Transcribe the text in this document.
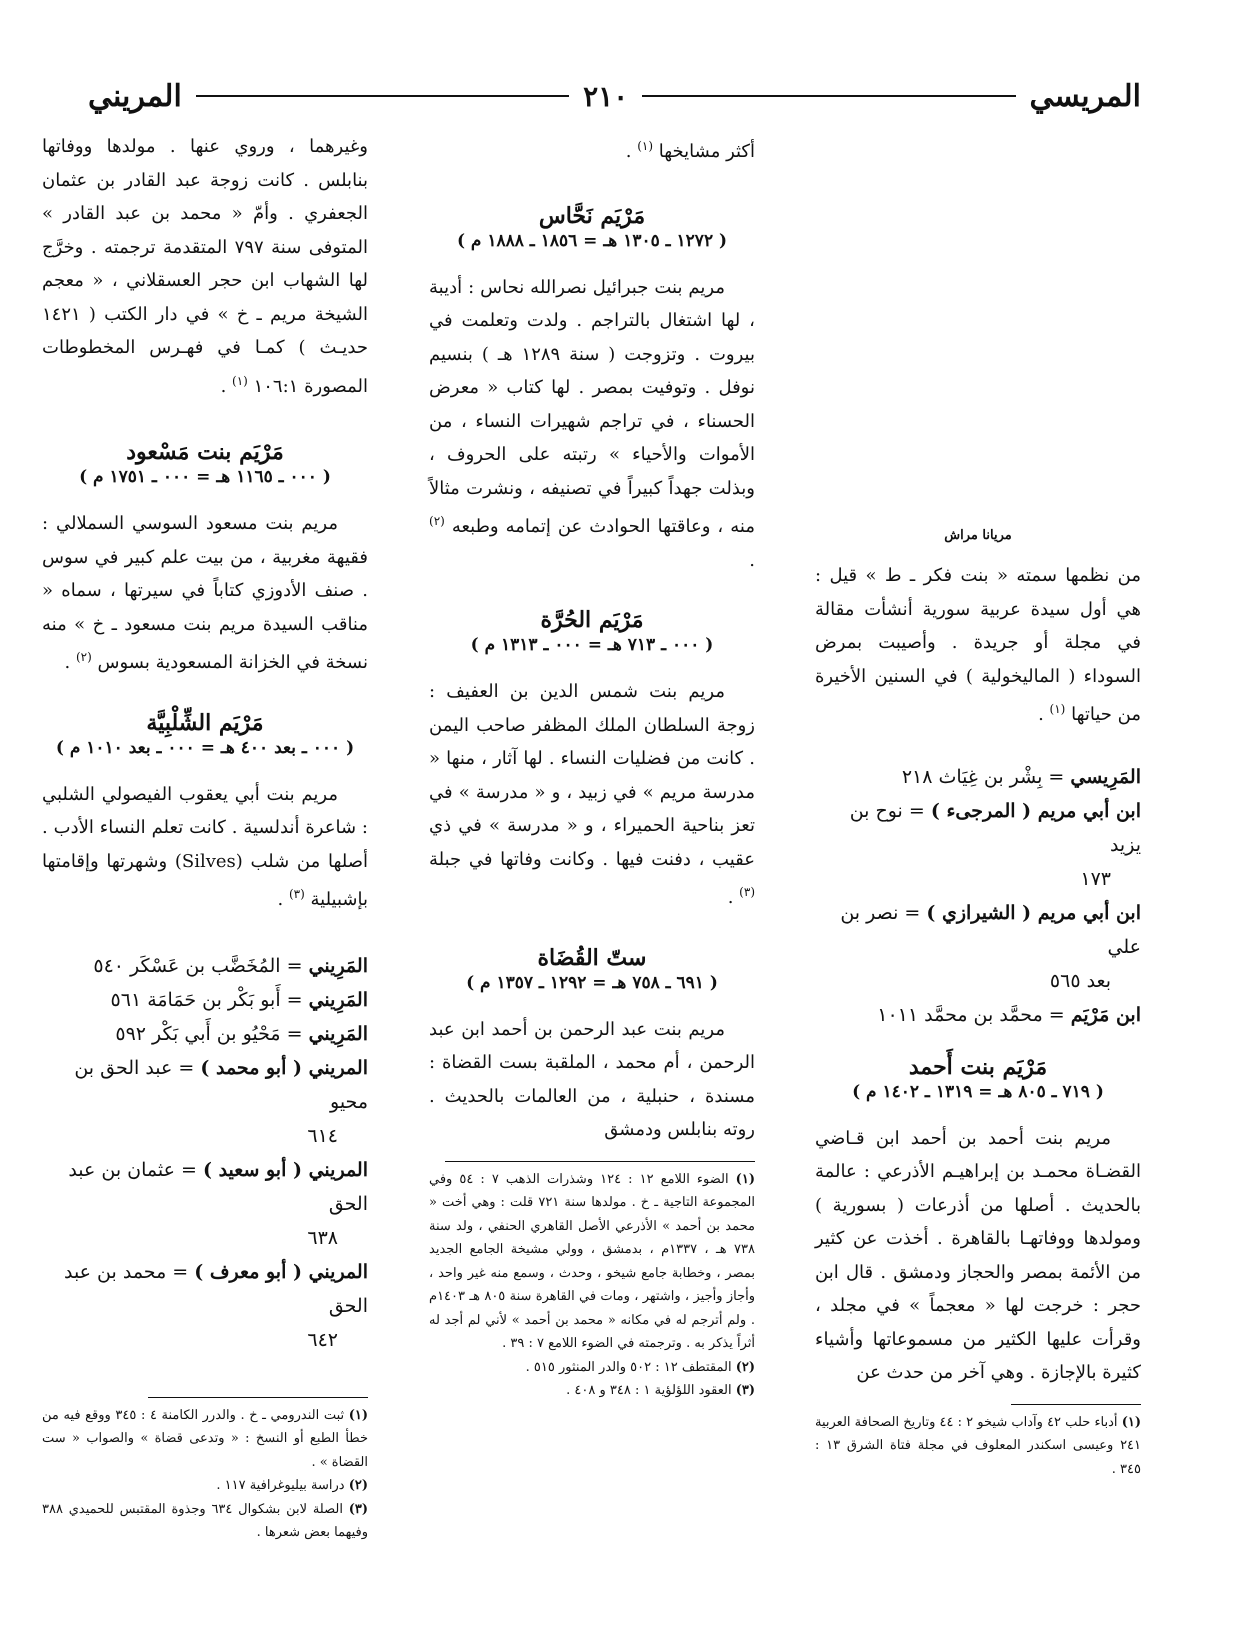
المريسي
٢١٠
المريني
مريانا مراش

من نظمها سمته « بنت فكر ـ ط » قيل : هي أول سيدة عربية سورية أنشأت مقالة في مجلة أو جريدة . وأصيبت بمرض السوداء ( الماليخولية ) في السنين الأخيرة من حياتها $^{(١)}$ .

المَرِيسي = بِشْر بن غِيَاث ٢١٨

ابن أبي مريم ( المرجىء ) = نوح بن يزيد

١٧٣

ابن أبي مريم ( الشيرازي ) = نصر بن علي

بعد ٥٦٥

ابن مَرْيَم = محمَّد بن محمَّد ١٠١١

مَرْيَم بنت أَحمد
( ٧١٩ ـ ٨٠٥ هـ = ١٣١٩ ـ ١٤٠٢ م )

مريم بنت أحمد بن أحمد ابن قـاضي القضـاة محمـد بن إبراهيـم الأذرعي : عالمة بالحديث . أصلها من أذرعات ( بسورية ) ومولدها ووفاتهـا بالقاهرة . أخذت عن كثير من الأئمة بمصر والحجاز ودمشق . قال ابن حجر : خرجت لها « معجماً » في مجلد ، وقرأت عليها الكثير من مسموعاتها وأشياء كثيرة بالإجازة . وهي آخر من حدث عن

(١) أدباء حلب ٤٢ وآداب شيخو ٢ : ٤٤ وتاريخ الصحافة العربية ٢٤١ وعيسى اسكندر المعلوف في مجلة فتاة الشرق ١٣ : ٣٤٥ .

أكثر مشايخها $^{(١)}$ .

مَرْيَم نَحَّاس
( ١٢٧٢ ـ ١٣٠٥ هـ = ١٨٥٦ ـ ١٨٨٨ م )

مريم بنت جبرائيل نصرالله نحاس : أديبة ، لها اشتغال بالتراجم . ولدت وتعلمت في بيروت . وتزوجت ( سنة ١٢٨٩ هـ ) بنسيم نوفل . وتوفيت بمصر . لها كتاب « معرض الحسناء ، في تراجم شهيرات النساء ، من الأموات والأحياء » رتبته على الحروف ، وبذلت جهداً كبيراً في تصنيفه ، ونشرت مثالاً منه ، وعاقتها الحوادث عن إتمامه وطبعه $^{(٢)}$ .

مَرْيَم الحُرَّة
( ٠٠٠ ـ ٧١٣ هـ = ٠٠٠ ـ ١٣١٣ م )

مريم بنت شمس الدين بن العفيف : زوجة السلطان الملك المظفر صاحب اليمن . كانت من فضليات النساء . لها آثار ، منها « مدرسة مريم » في زبيد ، و « مدرسة » في تعز بناحية الحميراء ، و « مدرسة » في ذي عقيب ، دفنت فيها . وكانت وفاتها في جبلة $^{(٣)}$ .

ستّ القُضَاة
( ٦٩١ ـ ٧٥٨ هـ = ١٢٩٢ ـ ١٣٥٧ م )

مريم بنت عبد الرحمن بن أحمد ابن عبد الرحمن ، أم محمد ، الملقبة بست القضاة : مسندة ، حنبلية ، من العالمات بالحديث . روته بنابلس ودمشق

(١) الضوء اللامع ١٢ : ١٢٤ وشذرات الذهب ٧ : ٥٤ وفي المجموعة التاجية ـ خ . مولدها سنة ٧٢١ قلت : وهي أخت « محمد بن أحمد » الأذرعي الأصل القاهري الحنفي ، ولد سنة ٧٣٨ هـ ، ١٣٣٧م ، بدمشق ، وولي مشيخة الجامع الجديد بمصر ، وخطابة جامع شيخو ، وحدث ، وسمع منه غير واحد ، وأجاز وأجيز ، واشتهر ، ومات في القاهرة سنة ٨٠٥ هـ ١٤٠٣م . ولم أترجم له في مكانه « محمد بن أحمد » لأني لم أجد له أثراً يذكر به . وترجمته في الضوء اللامع ٧ : ٣٩ .

(٢) المقتطف ١٢ : ٥٠٢ والدر المنثور ٥١٥ .

(٣) العقود اللؤلؤية ١ : ٣٤٨ و ٤٠٨ .

وغيرهما ، وروي عنها . مولدها ووفاتها بنابلس . كانت زوجة عبد القادر بن عثمان الجعفري . وأمّ « محمد بن عبد القادر » المتوفى سنة ٧٩٧ المتقدمة ترجمته . وخرَّج لها الشهاب ابن حجر العسقلاني ، « معجم الشيخة مريم ـ خ » في دار الكتب ( ١٤٢١ حديـث ) كمـا في فهـرس المخطوطات المصورة ١٠٦:١ $^{(١)}$ .

مَرْيَم بنت مَسْعود
( ٠٠٠ ـ ١١٦٥ هـ = ٠٠٠ ـ ١٧٥١ م )

مريم بنت مسعود السوسي السملالي : فقيهة مغربية ، من بيت علم كبير في سوس . صنف الأدوزي كتاباً في سيرتها ، سماه « مناقب السيدة مريم بنت مسعود ـ خ » منه نسخة في الخزانة المسعودية بسوس $^{(٢)}$ .

مَرْيَم الشِّلْبِيَّة
( ٠٠٠ ـ بعد ٤٠٠ هـ = ٠٠٠ ـ بعد ١٠١٠ م )

مريم بنت أبي يعقوب الفيصولي الشلبي : شاعرة أندلسية . كانت تعلم النساء الأدب . أصلها من شلب (Silves) وشهرتها وإقامتها بإشبيلية $^{(٣)}$ .

المَرِيني = المُخَضَّب بن عَسْكَر ٥٤٠

المَرِيني = أَبو بَكْر بن حَمَامَة ٥٦١

المَرِيني = مَحْيُو بن أَبي بَكْر ٥٩٢

المريني ( أبو محمد ) = عبد الحق بن محيو

٦١٤

المريني ( أبو سعيد ) = عثمان بن عبد الحق

٦٣٨

المريني ( أبو معرف ) = محمد بن عبد الحق

٦٤٢

(١) ثبت الندرومي ـ خ . والدرر الكامنة ٤ : ٣٤٥ ووقع فيه من خطأ الطبع أو النسخ : « وتدعى قضاة » والصواب « ست القضاة » .

(٢) دراسة بيليوغرافية ١١٧ .

(٣) الصلة لابن بشكوال ٦٣٤ وجذوة المقتبس للحميدي ٣٨٨ وفيهما بعض شعرها .
